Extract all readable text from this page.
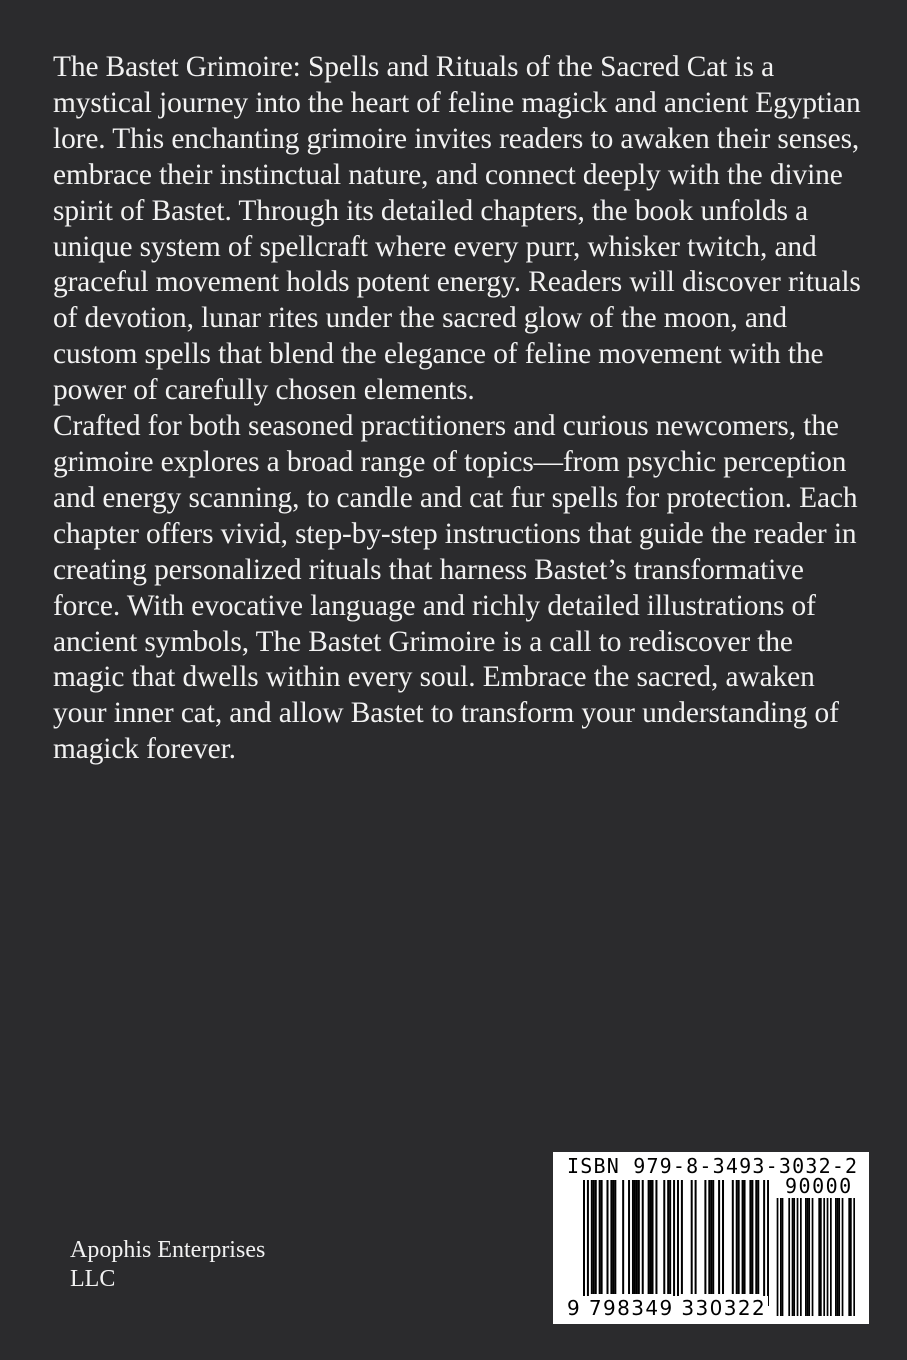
The Bastet Grimoire: Spells and Rituals of the Sacred Cat is a mystical journey into the heart of feline magick and ancient Egyptian lore. This enchanting grimoire invites readers to awaken their senses, embrace their instinctual nature, and connect deeply with the divine spirit of Bastet. Through its detailed chapters, the book unfolds a unique system of spellcraft where every purr, whisker twitch, and graceful movement holds potent energy. Readers will discover rituals of devotion, lunar rites under the sacred glow of the moon, and custom spells that blend the elegance of feline movement with the power of carefully chosen elements.

Crafted for both seasoned practitioners and curious newcomers, the grimoire explores a broad range of topics—from psychic perception and energy scanning, to candle and cat fur spells for protection. Each chapter offers vivid, step-by-step instructions that guide the reader in creating personalized rituals that harness Bastet’s transformative force. With evocative language and richly detailed illustrations of ancient symbols, The Bastet Grimoire is a call to rediscover the magic that dwells within every soul. Embrace the sacred, awaken your inner cat, and allow Bastet to transform your understanding of magick forever.

Apophis Enterprises
LLC
ISBN 979-8-3493-3032-2
90000
9 798349 330322
